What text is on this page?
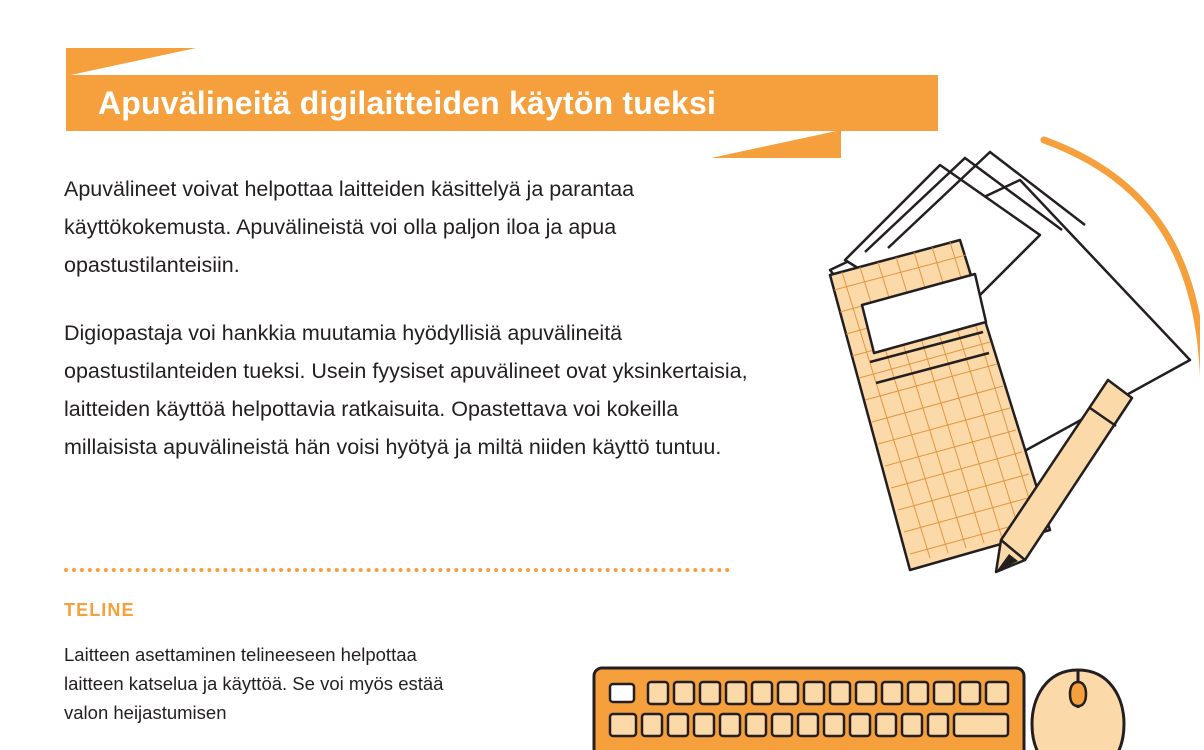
Apuvälineitä digilaitteiden käytön tueksi

Apuvälineet voivat helpottaa laitteiden käsittelyä ja parantaa käyttökokemusta. Apuvälineistä voi olla paljon iloa ja apua opastustilanteisiin.

Digiopastaja voi hankkia muutamia hyödyllisiä apuvälineitä opastustilanteiden tueksi. Usein fyysiset apuvälineet ovat yksinkertaisia, laitteiden käyttöä helpottavia ratkaisuita. Opastettava voi kokeilla millaisista apuvälineistä hän voisi hyötyä ja miltä niiden käyttö tuntuu.

TELINE
Laitteen asettaminen telineeseen helpottaa laitteen katselua ja käyttöä. Se voi myös estää valon heijastumisen
